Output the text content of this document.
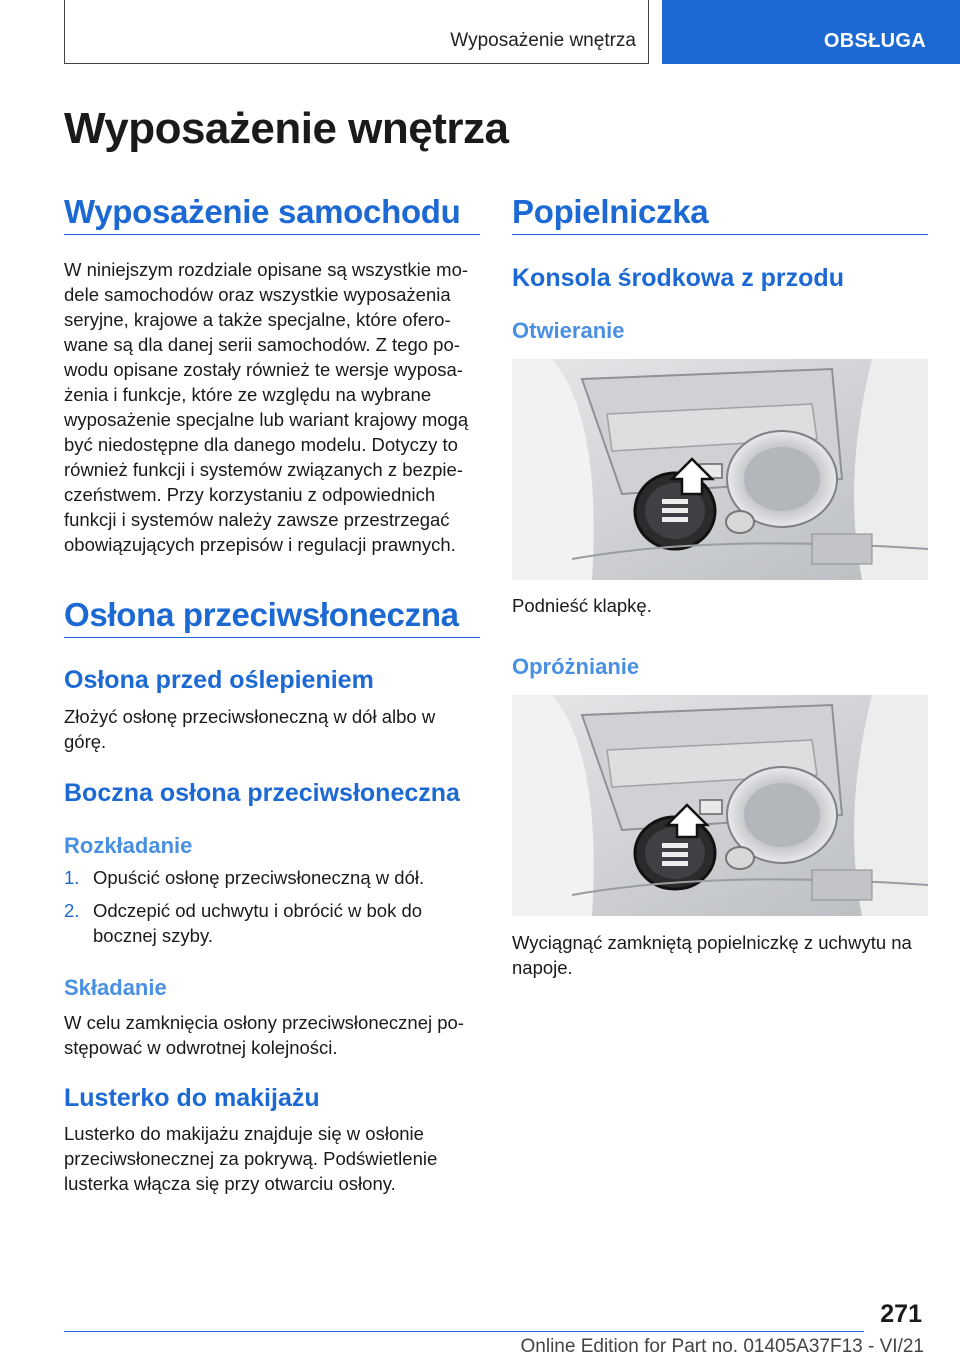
Wyposażenie wnętrza	OBSŁUGA
Wyposażenie wnętrza
Wyposażenie samochodu

W niniejszym rozdziale opisane są wszystkie mo‐

dele samochodów oraz wszystkie wyposażenia

seryjne, krajowe a także specjalne, które ofero‐

wane są dla danej serii samochodów. Z tego po‐

wodu opisane zostały również te wersje wyposa‐

żenia i funkcje, które ze względu na wybrane

wyposażenie specjalne lub wariant krajowy mogą

być niedostępne dla danego modelu. Dotyczy to

również funkcji i systemów związanych z bezpie‐

czeństwem. Przy korzystaniu z odpowiednich

funkcji i systemów należy zawsze przestrzegać

obowiązujących przepisów i regulacji prawnych.

Osłona przeciwsłoneczna
Osłona przed oślepieniem

Złożyć osłonę przeciwsłoneczną w dół albo w

górę.

Boczna osłona przeciwsłoneczna
Rozkładanie
1. Opuścić osłonę przeciwsłoneczną w dół.

2. Odczepić od uchwytu i obrócić w bok do

bocznej szyby.

Składanie

W celu zamknięcia osłony przeciwsłonecznej po‐

stępować w odwrotnej kolejności.

Lusterko do makijażu

Lusterko do makijażu znajduje się w osłonie

przeciwsłonecznej za pokrywą. Podświetlenie

lusterka włącza się przy otwarciu osłony.

Popielniczka
Konsola środkowa z przodu
Otwieranie

Podnieść klapkę.

Opróżnianie

Wyciągnąć zamkniętą popielniczkę z uchwytu na

napoje.

271
Online Edition for Part no. 01405A37F13 - VI/21
